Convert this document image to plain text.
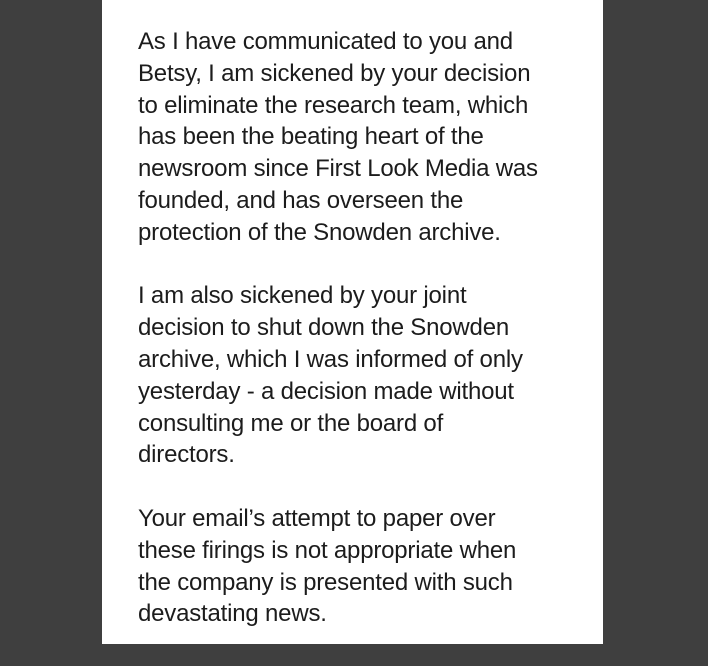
As I have communicated to you and
Betsy, I am sickened by your decision
to eliminate the research team, which
has been the beating heart of the
newsroom since First Look Media was
founded, and has overseen the
protection of the Snowden archive.

I am also sickened by your joint
decision to shut down the Snowden
archive, which I was informed of only
yesterday - a decision made without
consulting me or the board of
directors.

Your email’s attempt to paper over
these firings is not appropriate when
the company is presented with such
devastating news.
